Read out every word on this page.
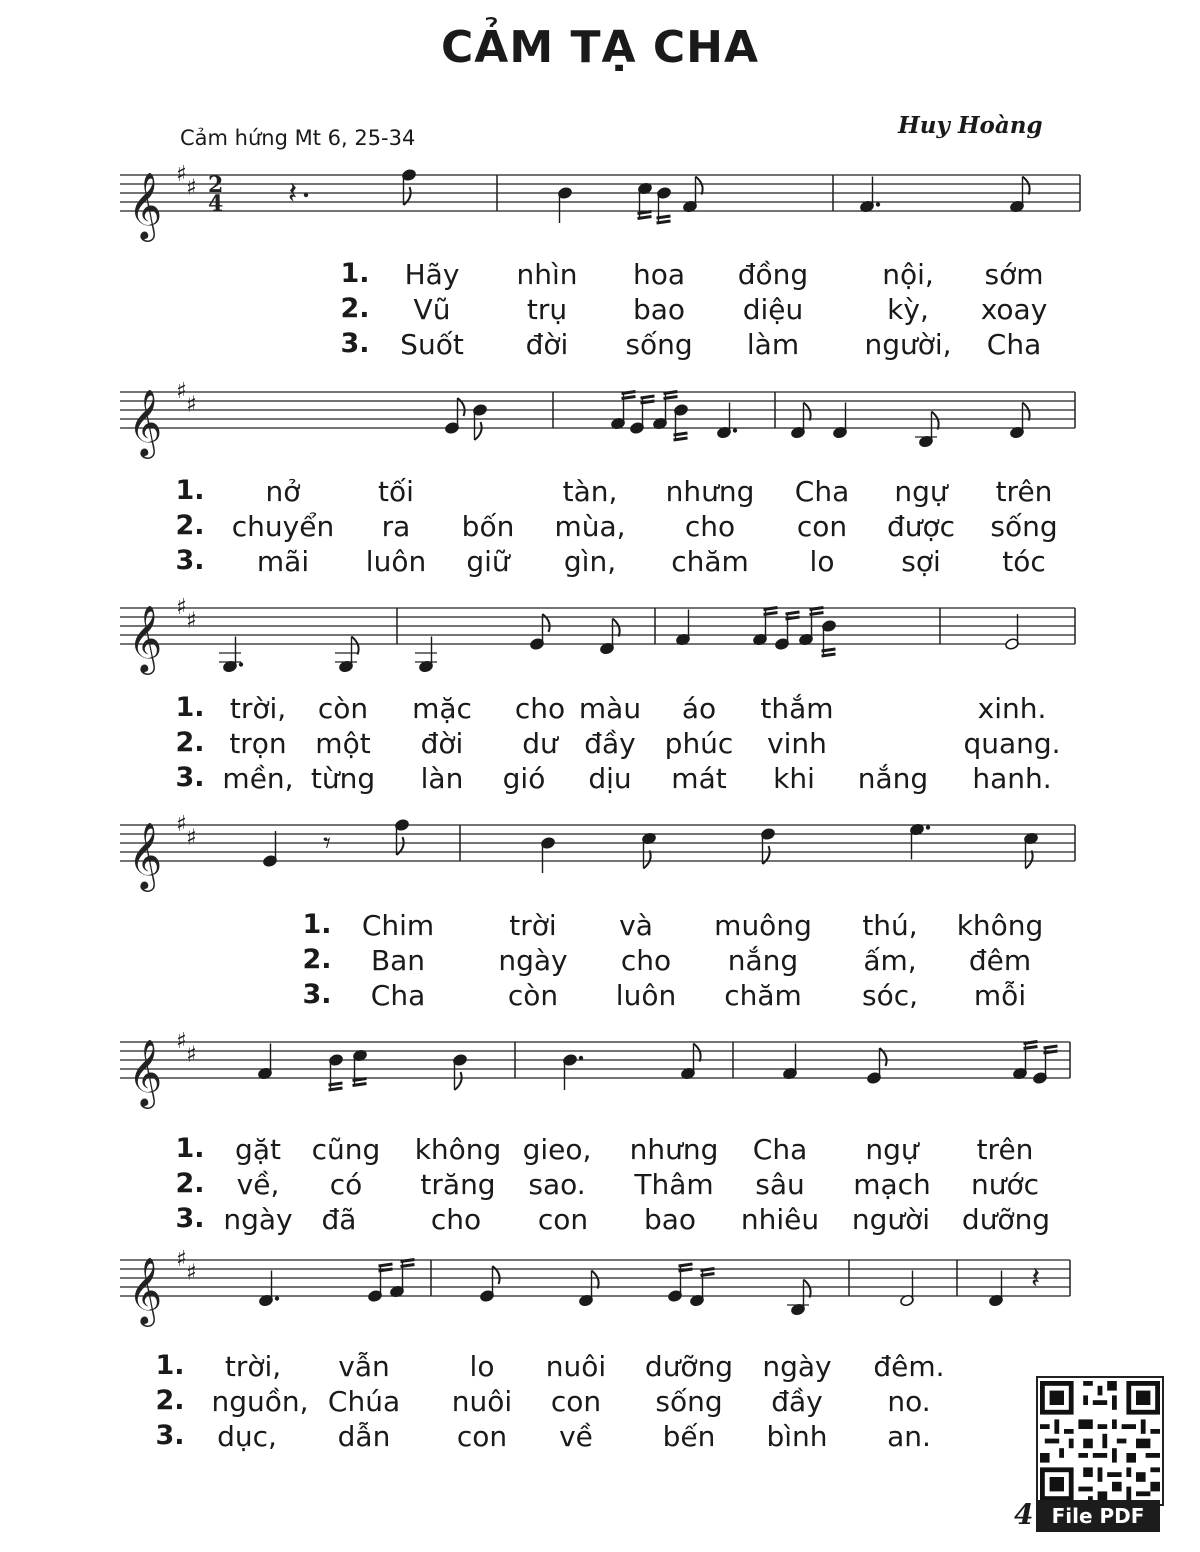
CẢM TẠ CHA
Cảm hứng Mt 6, 25-34	Huy Hoàng
𝄞 ♯
♯ 2
4 𝄽
𝄞 ♯
♯
𝄞 ♯
♯
𝄞 ♯
♯	𝄾
𝄞 ♯
♯
𝄞 ♯
♯	𝄽
1. Hãy nhìn hoa đồng	nội, sớm
2. Vũ	trụ bao diệu	kỳ, xoay
3. Suốt đời sống làm người, Cha
1. nở	tối	tàn, nhưng Cha ngự trên
2. chuyển ra bốn mùa, cho con được sống
3. mãi luôn giữ gìn, chăm lo sợi tóc
1. trời, còn mặc cho màu áo thắm	xinh.
2. trọn một đời dư đầy phúc vinh	quang.
3. mền, từng làn gió dịu mát khi nắng hanh.
1. Chim	trời và muông thú, không
2. Ban	ngày cho nắng ấm, đêm
3. Cha	còn luôn chăm sóc, mỗi
1. gặt cũng không gieo, nhưng Cha ngự trên
2. về, có trăng sao. Thâm sâu mạch nước
3. ngày đã	cho con bao nhiêu người dưỡng
1. trời, vẫn	lo nuôi dưỡng ngày đêm.
2. nguồn, Chúa nuôi con sống đầy no.
3. dục, dẫn con về bến bình an.
File PDF
4
